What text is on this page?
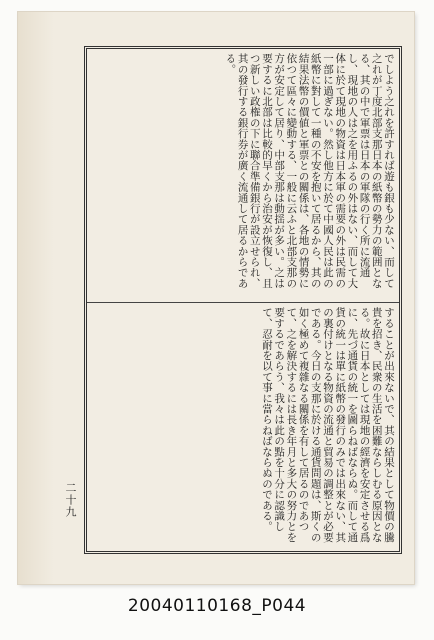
二十九

でしよう之れを許すれば遊も銀も少ない、而して之れが丁度北部支那日本の紙幣の勢力の範囲となる、其の中で軍票は日本の軍隊の行く所に流通し、現地の人は之を用ふるの外はない、而して大体に於て現地の物資は日本軍の需要の外は民需の一部に過ぎない。然し他方に於て中國人民は此の紙幣に對して一種の不安を抱いて居るから、其の結果法幣の價値と軍票との關係は、各地の情勢に依つて區々に變動する、一般に云ふと北部支那の方が安定して居り、中部支那は動揺が多い。之は要するに北部は比較的早くから治安が恢復し、且つ新しい政権の下に聯合準備銀行が設立せられ、其の發行する銀行券が廣く流通して居るからである。

することが出來ないで、其の結果として物價の騰貴を招き、民衆の生活を困難ならしむる原因となる。故に日本としては現地の經濟を安定させる爲に、先づ通貨の統一を圖らねばならぬ。而して通貨の統一は單に紙幣の發行のみでは出來ない、其の裏付けとなる物資の流通と貿易の調整とが必要である。今日の支那に於ける通貨問題は、斯くの如く極めて複雜なる關係を有して居るのであつて、之を解決するには長き年月と多大の努力とを要するであらう、我々は此の點を十分に認識して、忍耐を以て事に當らねばならぬのである。

20040110168_P044
